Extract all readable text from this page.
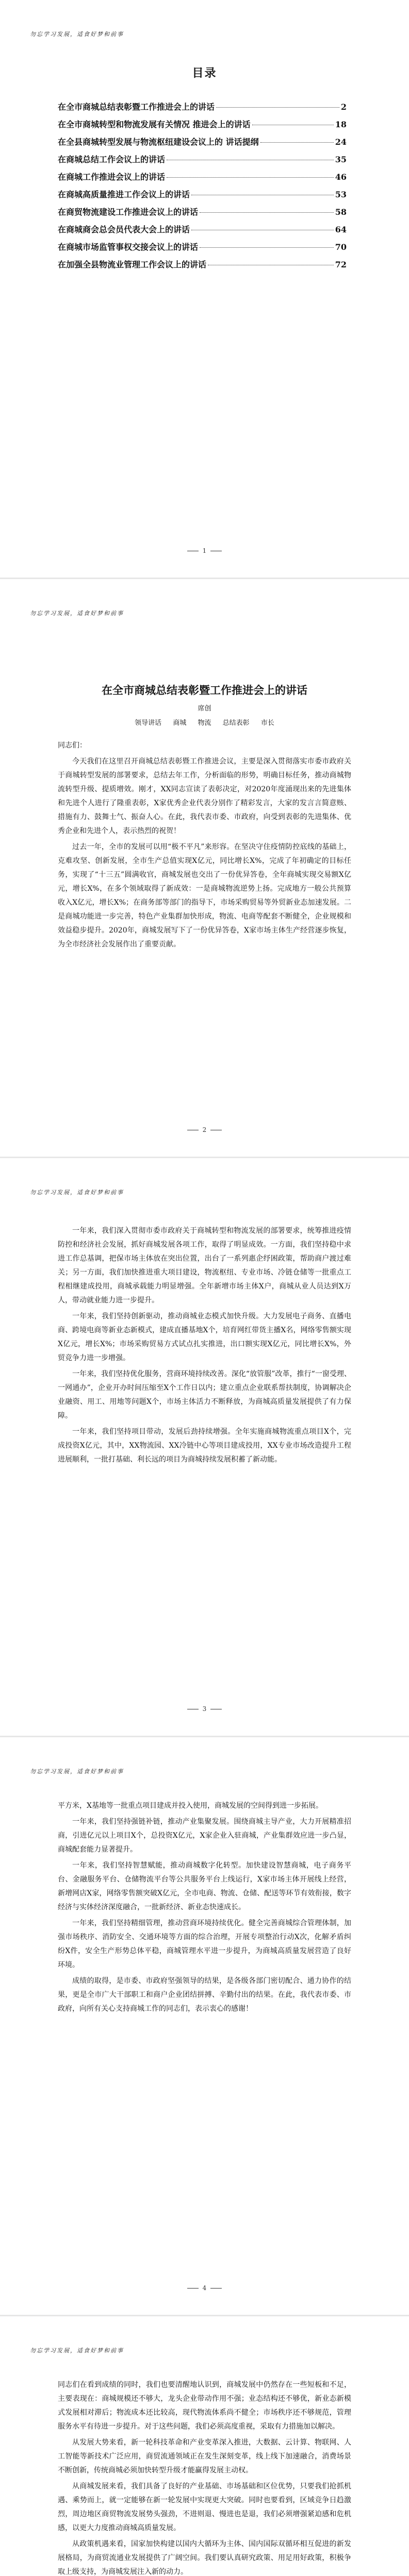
勿忘学习发展，适食好梦和前事
目录
在全市商城总结表彰暨工作推进会上的讲话	2
在全市商城转型和物流发展有关情况 推进会上的讲话	18
在全县商城转型发展与物流枢纽建设会议上的 讲话提纲	24
在商城总结工作会议上的讲话	35
在商城工作推进会议上的讲话	46
在商城高质量推进工作会议上的讲话	53
在商贸物流建设工作推进会议上的讲话	58
在商城商会总会员代表大会上的讲话	64
在商城市场监管事权交接会议上的讲话	70
在加强全县物流业管理工作会议上的讲话	72
1
勿忘学习发展，适食好梦和前事
在全市商城总结表彰暨工作推进会上的讲话
席创
领导讲话 商城 物流 总结表彰 市长

同志们：

今天我们在这里召开商城总结表彰暨工作推进会议，主要是深入贯彻落实市委市政府关于商城转型发展的部署要求，总结去年工作，分析面临的形势，明确目标任务，推动商城物流转型升级、提质增效。刚才，XX同志宣读了表彰决定，对2020年度涌现出来的先进集体和先进个人进行了隆重表彰，X家优秀企业代表分别作了精彩发言，大家的发言言简意赅、措施有力、鼓舞士气、振奋人心。在此，我代表市委、市政府，向受到表彰的先进集体、优秀企业和先进个人，表示热烈的祝贺！

过去一年，全市的发展可以用“极不平凡”来形容。在坚决守住疫情防控底线的基础上，克难攻坚、创新发展，全市生产总值实现X亿元，同比增长X%，完成了年初确定的目标任务，实现了“十三五”圆满收官，商城发展也交出了一份优异答卷，全年商城实现交易额X亿元，增长X%，在多个领域取得了新成效：一是商城物流逆势上扬。完成地方一般公共预算收入X亿元，增长X%；在商务部等部门的指导下，市场采购贸易等外贸新业态加速发展。二是商城功能进一步完善，特色产业集群加快形成，物流、电商等配套不断健全，企业规模和效益稳步提升。2020年，商城发展写下了一份优异答卷，X家市场主体生产经营逐步恢复，为全市经济社会发展作出了重要贡献。

2
勿忘学习发展，适食好梦和前事

一年来，我们深入贯彻市委市政府关于商城转型和物流发展的部署要求，统筹推进疫情防控和经济社会发展，抓好商城发展各项工作，取得了明显成效。一方面，我们坚持稳中求进工作总基调，把保市场主体放在突出位置，出台了一系列惠企纾困政策，帮助商户渡过难关；另一方面，我们加快推进重大项目建设，物流枢纽、专业市场、冷链仓储等一批重点工程相继建成投用，商城承载能力明显增强。全年新增市场主体X户，商城从业人员达到X万人，带动就业能力进一步提升。

一年来，我们坚持创新驱动，推动商城业态模式加快升级。大力发展电子商务、直播电商、跨境电商等新业态新模式，建成直播基地X个，培育网红带货主播X名，网络零售额实现X亿元，增长X%；市场采购贸易方式试点扎实推进，出口额实现X亿元，同比增长X%，外贸竞争力进一步增强。

一年来，我们坚持优化服务，营商环境持续改善。深化“放管服”改革，推行“一窗受理、一网通办”，企业开办时间压缩至X个工作日以内；建立重点企业联系帮扶制度，协调解决企业融资、用工、用地等问题X个，市场主体活力不断释放，为商城高质量发展提供了有力保障。

一年来，我们坚持项目带动，发展后劲持续增强。全年实施商城物流重点项目X个，完成投资X亿元，其中，XX物流园、XX冷链中心等项目建成投用，XX专业市场改造提升工程进展顺利，一批打基础、利长远的项目为商城持续发展积蓄了新动能。

3
勿忘学习发展，适食好梦和前事

平方米，X基地等一批重点项目建成并投入使用，商城发展的空间得到进一步拓展。

一年来，我们坚持强链补链，推动产业集聚发展。围绕商城主导产业，大力开展精准招商，引进亿元以上项目X个，总投资X亿元，X家企业入驻商城，产业集群效应进一步凸显，商城配套能力显著提升。

一年来，我们坚持智慧赋能，推动商城数字化转型。加快建设智慧商城，电子商务平台、金融服务平台、仓储物流平台等公共服务平台上线运行，X家市场主体开展线上经营，新增网店X家，网络零售额突破X亿元，全市电商、物流、仓储、配送等环节有效衔接，数字经济与实体经济深度融合，一批新经济、新业态快速成长。

一年来，我们坚持精细管理，推动营商环境持续优化。健全完善商城综合管理体制，加强市场秩序、消防安全、交通环境等方面的综合治理，开展专项整治行动X次，化解矛盾纠纷X件，安全生产形势总体平稳，商城管理水平进一步提升，为商城高质量发展营造了良好环境。

成绩的取得，是市委、市政府坚强领导的结果，是各级各部门密切配合、通力协作的结果，更是全市广大干部职工和商户企业团结拼搏、辛勤付出的结果。在此，我代表市委、市政府，向所有关心支持商城工作的同志们，表示衷心的感谢！

4
勿忘学习发展，适食好梦和前事

同志们在看到成绩的同时，我们也要清醒地认识到，商城发展中仍然存在一些短板和不足，主要表现在：商城规模还不够大，龙头企业带动作用不强；业态结构还不够优，新业态新模式发展相对滞后；物流成本还比较高，现代物流体系尚不健全；市场秩序还不够规范，管理服务水平有待进一步提升。对于这些问题，我们必须高度重视，采取有力措施加以解决。

从发展大势来看，新一轮科技革命和产业变革深入推进，大数据、云计算、物联网、人工智能等新技术广泛应用，商贸流通领域正在发生深刻变革，线上线下加速融合，消费场景不断创新，传统商城必须加快转型升级才能赢得发展主动权。

从商城发展来看，我们具备了良好的产业基础、市场基础和区位优势，只要我们抢抓机遇、乘势而上，就一定能够在新一轮发展中实现更大突破。同时也要看到，区域竞争日趋激烈，周边地区商贸物流发展势头强劲，不进则退、慢进也是退，我们必须增强紧迫感和危机感，以更大力度推动商城高质量发展。

从政策机遇来看，国家加快构建以国内大循环为主体、国内国际双循环相互促进的新发展格局，为商贸流通业发展提供了广阔空间。我们要认真研究政策、用足用好政策，积极争取上级支持，为商城发展注入新的动力。
